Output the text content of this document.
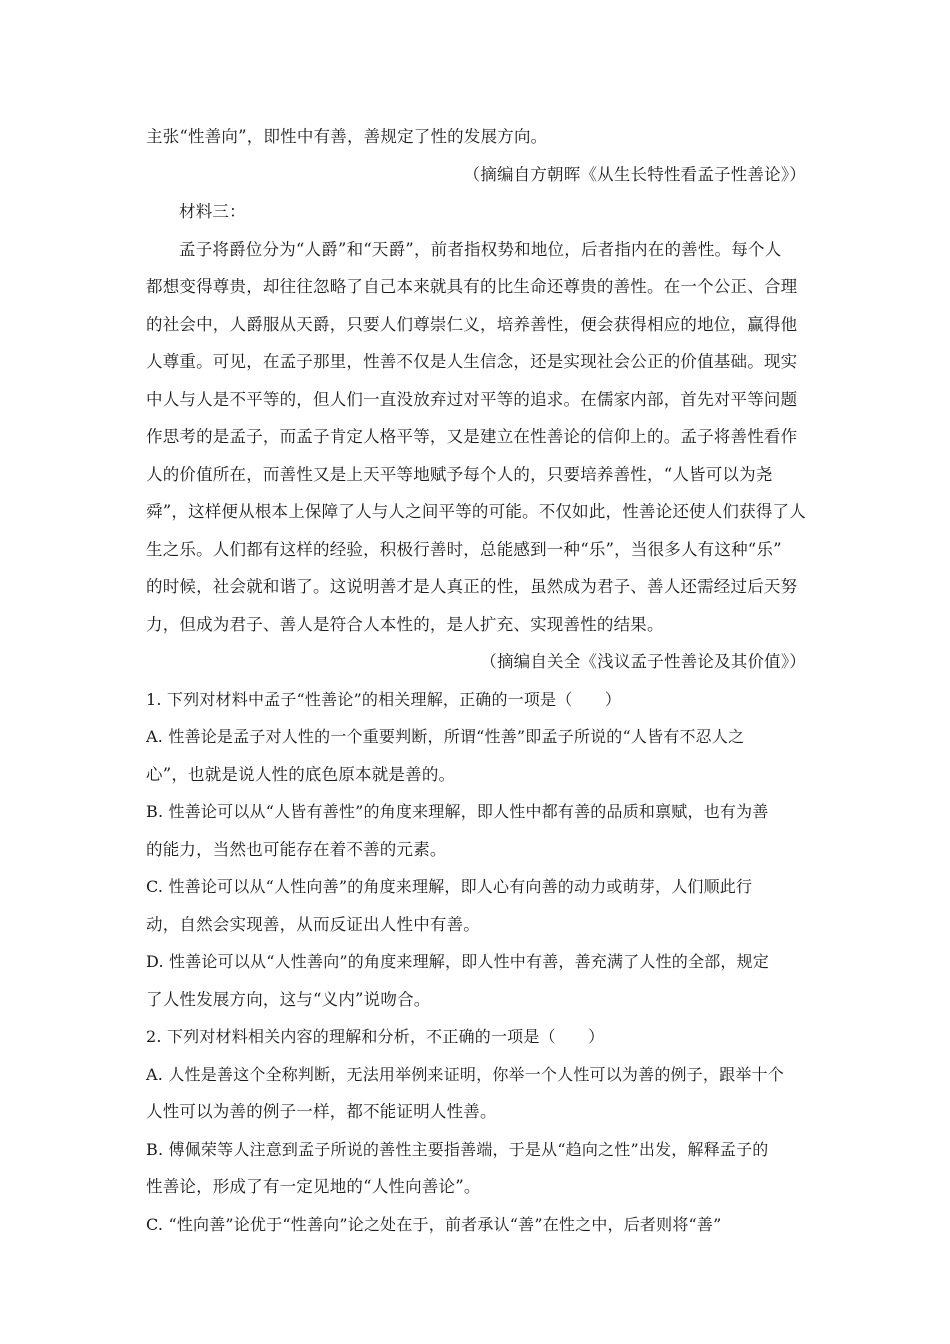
主张“性善向”，即性中有善，善规定了性的发展方向。
（摘编自方朝晖《从生长特性看孟子性善论》）
材料三：
孟子将爵位分为“人爵”和“天爵”，前者指权势和地位，后者指内在的善性。每个人
都想变得尊贵，却往往忽略了自己本来就具有的比生命还尊贵的善性。在一个公正、合理
的社会中，人爵服从天爵，只要人们尊崇仁义，培养善性，便会获得相应的地位，赢得他
人尊重。可见，在孟子那里，性善不仅是人生信念，还是实现社会公正的价值基础。现实
中人与人是不平等的，但人们一直没放弃过对平等的追求。在儒家内部，首先对平等问题
作思考的是孟子，而孟子肯定人格平等，又是建立在性善论的信仰上的。孟子将善性看作
人的价值所在，而善性又是上天平等地赋予每个人的，只要培养善性，“人皆可以为尧
舜”，这样便从根本上保障了人与人之间平等的可能。不仅如此，性善论还使人们获得了人
生之乐。人们都有这样的经验，积极行善时，总能感到一种“乐”，当很多人有这种“乐”
的时候，社会就和谐了。这说明善才是人真正的性，虽然成为君子、善人还需经过后天努
力，但成为君子、善人是符合人本性的，是人扩充、实现善性的结果。
（摘编自关全《浅议孟子性善论及其价值》）
1. 下列对材料中孟子“性善论”的相关理解，正确的一项是（　　）
A. 性善论是孟子对人性的一个重要判断，所谓“性善”即孟子所说的“人皆有不忍人之
心”，也就是说人性的底色原本就是善的。
B. 性善论可以从“人皆有善性”的角度来理解，即人性中都有善的品质和禀赋，也有为善
的能力，当然也可能存在着不善的元素。
C. 性善论可以从“人性向善”的角度来理解，即人心有向善的动力或萌芽，人们顺此行
动，自然会实现善，从而反证出人性中有善。
D. 性善论可以从“人性善向”的角度来理解，即人性中有善，善充满了人性的全部，规定
了人性发展方向，这与“义内”说吻合。
2. 下列对材料相关内容的理解和分析，不正确的一项是（　　）
A. 人性是善这个全称判断，无法用举例来证明，你举一个人性可以为善的例子，跟举十个
人性可以为善的例子一样，都不能证明人性善。
B. 傅佩荣等人注意到孟子所说的善性主要指善端，于是从“趋向之性”出发，解释孟子的
性善论，形成了有一定见地的“人性向善论”。
C. “性向善”论优于“性善向”论之处在于，前者承认“善”在性之中，后者则将“善”
